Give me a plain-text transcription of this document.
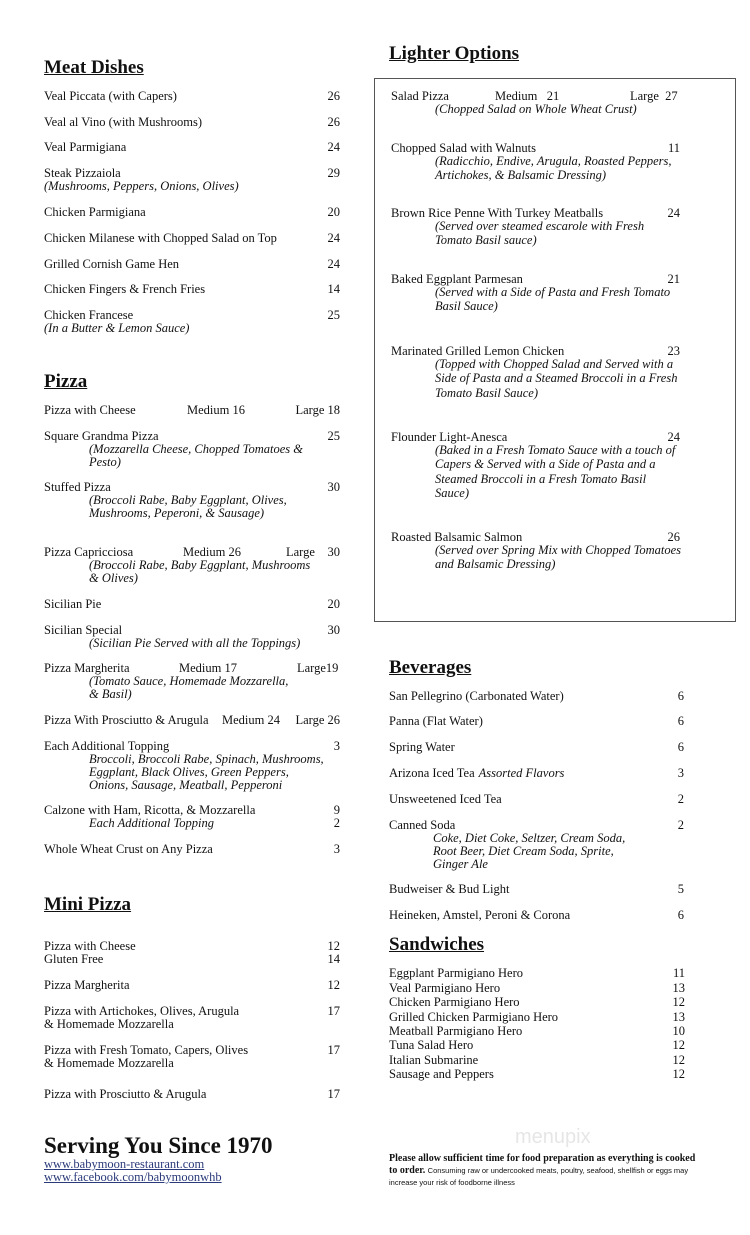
Serving You Since 1970
www.babymoon-restaurant.com
www.facebook.com/babymoonwhb
menupix
Please allow sufficient time for food preparation as everything is cooked to order. Consuming raw or undercooked meats, poultry, seafood, shellfish or eggs may increase your risk of foodborne illness
Meat Dishes
Veal Piccata (with Capers)	26
Veal al Vino (with Mushrooms)	26
Veal Parmigiana	24
Steak Pizzaiola	29
(Mushrooms, Peppers, Onions, Olives)
Chicken Parmigiana	20
Chicken Milanese with Chopped Salad on Top	24
Grilled Cornish Game Hen	24
Chicken Fingers & French Fries	14
Chicken Francese	25
(In a Butter & Lemon Sauce)
Pizza
Pizza with Cheese	Medium 16	Large 18
Square Grandma Pizza	25
(Mozzarella Cheese, Chopped Tomatoes &
Pesto)
Stuffed Pizza	30
(Broccoli Rabe, Baby Eggplant, Olives,
Mushrooms, Peperoni, & Sausage)
Pizza Capricciosa	Medium 26	Large 30
(Broccoli Rabe, Baby Eggplant, Mushrooms
& Olives)
Sicilian Pie	20
Sicilian Special	30
(Sicilian Pie Served with all the Toppings)
Pizza Margherita	Medium 17	Large19
(Tomato Sauce, Homemade Mozzarella,
& Basil)
Pizza With Prosciutto & Arugula Medium 24 Large 26
Each Additional Topping	3
Broccoli, Broccoli Rabe, Spinach, Mushrooms,
Eggplant, Black Olives, Green Peppers,
Onions, Sausage, Meatball, Pepperoni
Calzone with Ham, Ricotta, & Mozzarella	9
Each Additional Topping	2
Whole Wheat Crust on Any Pizza	3
Mini Pizza
Pizza with Cheese	12
Gluten Free	14
Pizza Margherita	12
Pizza with Artichokes, Olives, Arugula	17
& Homemade Mozzarella
Pizza with Fresh Tomato, Capers, Olives	17
& Homemade Mozzarella
Pizza with Prosciutto & Arugula	17
Lighter Options
Salad Pizza	Medium   21	Large  27
(Chopped Salad on Whole Wheat Crust)
Chopped Salad with Walnuts	11
(Radicchio, Endive, Arugula, Roasted Peppers,
Artichokes, & Balsamic Dressing)
Brown Rice Penne With Turkey Meatballs	24
(Served over steamed escarole with Fresh
Tomato Basil sauce)
Baked Eggplant Parmesan	21
(Served with a Side of Pasta and Fresh Tomato
Basil Sauce)
Marinated Grilled Lemon Chicken	23
(Topped with Chopped Salad and Served with a
Side of Pasta and a Steamed Broccoli in a Fresh
Tomato Basil Sauce)
Flounder Light-Anesca	24
(Baked in a Fresh Tomato Sauce with a touch of
Capers & Served with a Side of Pasta and a
Steamed Broccoli in a Fresh Tomato Basil
Sauce)
Roasted Balsamic Salmon	26
(Served over Spring Mix with Chopped Tomatoes
and Balsamic Dressing)
Beverages
San Pellegrino (Carbonated Water)	6
Panna (Flat Water)	6
Spring Water	6
Arizona Iced Tea Assorted Flavors	3
Unsweetened Iced Tea	2
Canned Soda	2
Coke, Diet Coke, Seltzer, Cream Soda,
Root Beer, Diet Cream Soda, Sprite,
Ginger Ale
Budweiser & Bud Light	5
Heineken, Amstel, Peroni & Corona	6
Sandwiches
Eggplant Parmigiano Hero	11
Veal Parmigiano Hero	13
Chicken Parmigiano Hero	12
Grilled Chicken Parmigiano Hero	13
Meatball Parmigiano Hero	10
Tuna Salad Hero	12
Italian Submarine	12
Sausage and Peppers	12
